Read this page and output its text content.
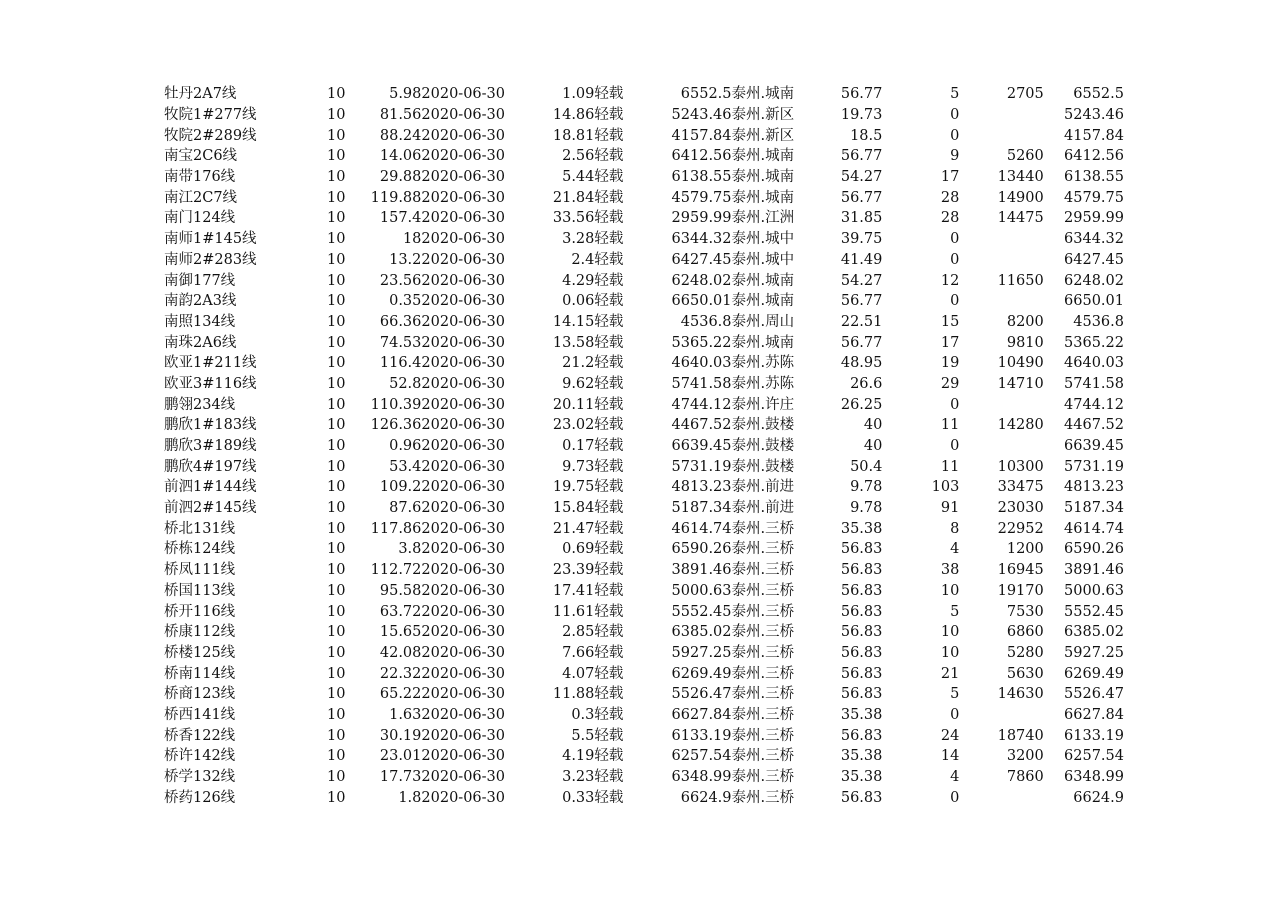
牡丹2A7线	10	5.98	2020-06-30	1.09	轻载	6552.5	泰州.城南	56.77	5	2705	6552.5
牧院1#277线	10	81.56	2020-06-30	14.86	轻载	5243.46	泰州.新区	19.73	0		5243.46
牧院2#289线	10	88.24	2020-06-30	18.81	轻载	4157.84	泰州.新区	18.5	0		4157.84
南宝2C6线	10	14.06	2020-06-30	2.56	轻载	6412.56	泰州.城南	56.77	9	5260	6412.56
南带176线	10	29.88	2020-06-30	5.44	轻载	6138.55	泰州.城南	54.27	17	13440	6138.55
南江2C7线	10	119.88	2020-06-30	21.84	轻载	4579.75	泰州.城南	56.77	28	14900	4579.75
南门124线	10	157.4	2020-06-30	33.56	轻载	2959.99	泰州.江洲	31.85	28	14475	2959.99
南师1#145线	10	18	2020-06-30	3.28	轻载	6344.32	泰州.城中	39.75	0		6344.32
南师2#283线	10	13.2	2020-06-30	2.4	轻载	6427.45	泰州.城中	41.49	0		6427.45
南御177线	10	23.56	2020-06-30	4.29	轻载	6248.02	泰州.城南	54.27	12	11650	6248.02
南韵2A3线	10	0.35	2020-06-30	0.06	轻载	6650.01	泰州.城南	56.77	0		6650.01
南照134线	10	66.36	2020-06-30	14.15	轻载	4536.8	泰州.周山	22.51	15	8200	4536.8
南珠2A6线	10	74.53	2020-06-30	13.58	轻载	5365.22	泰州.城南	56.77	17	9810	5365.22
欧亚1#211线	10	116.4	2020-06-30	21.2	轻载	4640.03	泰州.苏陈	48.95	19	10490	4640.03
欧亚3#116线	10	52.8	2020-06-30	9.62	轻载	5741.58	泰州.苏陈	26.6	29	14710	5741.58
鹏翎234线	10	110.39	2020-06-30	20.11	轻载	4744.12	泰州.许庄	26.25	0		4744.12
鹏欣1#183线	10	126.36	2020-06-30	23.02	轻载	4467.52	泰州.鼓楼	40	11	14280	4467.52
鹏欣3#189线	10	0.96	2020-06-30	0.17	轻载	6639.45	泰州.鼓楼	40	0		6639.45
鹏欣4#197线	10	53.4	2020-06-30	9.73	轻载	5731.19	泰州.鼓楼	50.4	11	10300	5731.19
前泗1#144线	10	109.2	2020-06-30	19.75	轻载	4813.23	泰州.前进	9.78	103	33475	4813.23
前泗2#145线	10	87.6	2020-06-30	15.84	轻载	5187.34	泰州.前进	9.78	91	23030	5187.34
桥北131线	10	117.86	2020-06-30	21.47	轻载	4614.74	泰州.三桥	35.38	8	22952	4614.74
桥栋124线	10	3.8	2020-06-30	0.69	轻载	6590.26	泰州.三桥	56.83	4	1200	6590.26
桥凤111线	10	112.72	2020-06-30	23.39	轻载	3891.46	泰州.三桥	56.83	38	16945	3891.46
桥国113线	10	95.58	2020-06-30	17.41	轻载	5000.63	泰州.三桥	56.83	10	19170	5000.63
桥开116线	10	63.72	2020-06-30	11.61	轻载	5552.45	泰州.三桥	56.83	5	7530	5552.45
桥康112线	10	15.65	2020-06-30	2.85	轻载	6385.02	泰州.三桥	56.83	10	6860	6385.02
桥楼125线	10	42.08	2020-06-30	7.66	轻载	5927.25	泰州.三桥	56.83	10	5280	5927.25
桥南114线	10	22.32	2020-06-30	4.07	轻载	6269.49	泰州.三桥	56.83	21	5630	6269.49
桥商123线	10	65.22	2020-06-30	11.88	轻载	5526.47	泰州.三桥	56.83	5	14630	5526.47
桥西141线	10	1.63	2020-06-30	0.3	轻载	6627.84	泰州.三桥	35.38	0		6627.84
桥香122线	10	30.19	2020-06-30	5.5	轻载	6133.19	泰州.三桥	56.83	24	18740	6133.19
桥许142线	10	23.01	2020-06-30	4.19	轻载	6257.54	泰州.三桥	35.38	14	3200	6257.54
桥学132线	10	17.73	2020-06-30	3.23	轻载	6348.99	泰州.三桥	35.38	4	7860	6348.99
桥药126线	10	1.8	2020-06-30	0.33	轻载	6624.9	泰州.三桥	56.83	0		6624.9
